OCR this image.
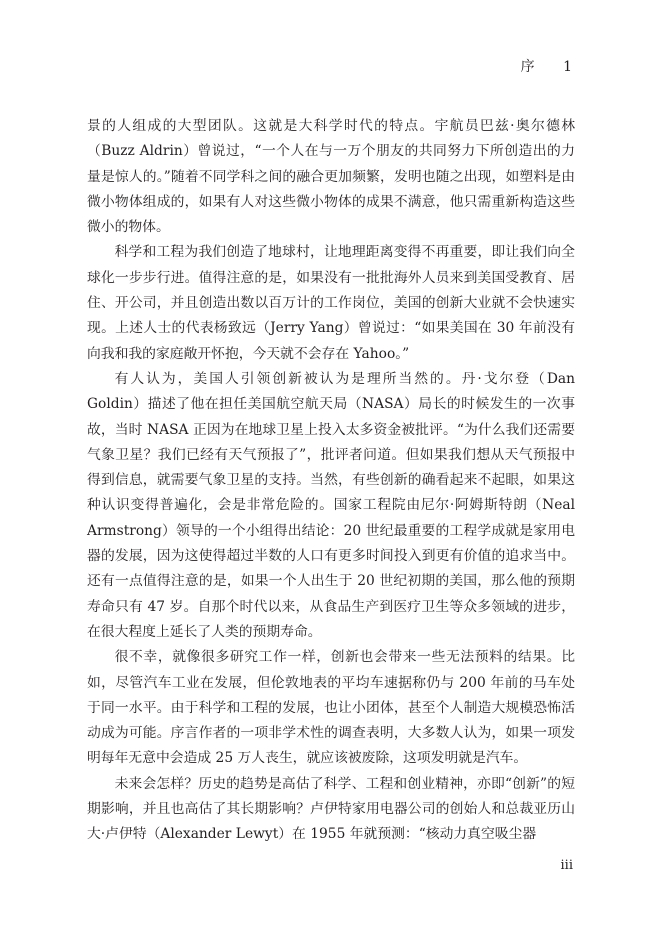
序 1

景的人组成的大型团队。这就是大科学时代的特点。宇航员巴兹·奥尔德林（Buzz Aldrin）曾说过，“一个人在与一万个朋友的共同努力下所创造出的力量是惊人的。”随着不同学科之间的融合更加频繁，发明也随之出现，如塑料是由微小物体组成的，如果有人对这些微小物体的成果不满意，他只需重新构造这些微小的物体。

科学和工程为我们创造了地球村，让地理距离变得不再重要，即让我们向全球化一步步行进。值得注意的是，如果没有一批批海外人员来到美国受教育、居住、开公司，并且创造出数以百万计的工作岗位，美国的创新大业就不会快速实现。上述人士的代表杨致远（Jerry Yang）曾说过：“如果美国在 30 年前没有向我和我的家庭敞开怀抱，今天就不会存在 Yahoo。”

有人认为，美国人引领创新被认为是理所当然的。丹·戈尔登（Dan Goldin）描述了他在担任美国航空航天局（NASA）局长的时候发生的一次事故，当时 NASA 正因为在地球卫星上投入太多资金被批评。“为什么我们还需要气象卫星？我们已经有天气预报了”，批评者问道。但如果我们想从天气预报中得到信息，就需要气象卫星的支持。当然，有些创新的确看起来不起眼，如果这种认识变得普遍化，会是非常危险的。国家工程院由尼尔·阿姆斯特朗（Neal Armstrong）领导的一个小组得出结论：20 世纪最重要的工程学成就是家用电器的发展，因为这使得超过半数的人口有更多时间投入到更有价值的追求当中。还有一点值得注意的是，如果一个人出生于 20 世纪初期的美国，那么他的预期寿命只有 47 岁。自那个时代以来，从食品生产到医疗卫生等众多领域的进步，在很大程度上延长了人类的预期寿命。

很不幸，就像很多研究工作一样，创新也会带来一些无法预料的结果。比如，尽管汽车工业在发展，但伦敦地表的平均车速据称仍与 200 年前的马车处于同一水平。由于科学和工程的发展，也让小团体，甚至个人制造大规模恐怖活动成为可能。序言作者的一项非学术性的调查表明，大多数人认为，如果一项发明每年无意中会造成 25 万人丧生，就应该被废除，这项发明就是汽车。

未来会怎样？历史的趋势是高估了科学、工程和创业精神，亦即“创新”的短期影响，并且也高估了其长期影响？卢伊特家用电器公司的创始人和总裁亚历山大·卢伊特（Alexander Lewyt）在 1955 年就预测：“核动力真空吸尘器

iii
